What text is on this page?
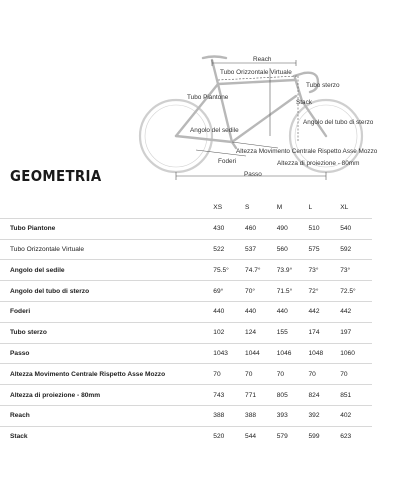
Reach
Tubo Orizzontale Virtuale
Tubo sterzo
Stack
Tubo Piantone
Angolo del tubo di sterzo
Angolo del sedile
Altezza Movimento Centrale Rispetto Asse Mozzo
Foderi	Altezza di proiezione - 80mm
Passo
GEOMETRIA
	XS	S	M	L	XL
Tubo Piantone	430	460	490	510	540
Tubo Orizzontale Virtuale	522	537	560	575	592
Angolo del sedile	75.5°	74.7°	73.9°	73°	73°
Angolo del tubo di sterzo	69°	70°	71.5°	72°	72.5°
Foderi	440	440	440	442	442
Tubo sterzo	102	124	155	174	197
Passo	1043	1044	1046	1048	1060
Altezza Movimento Centrale Rispetto Asse Mozzo	70	70	70	70	70
Altezza di proiezione - 80mm	743	771	805	824	851
Reach	388	388	393	392	402
Stack	520	544	579	599	623
